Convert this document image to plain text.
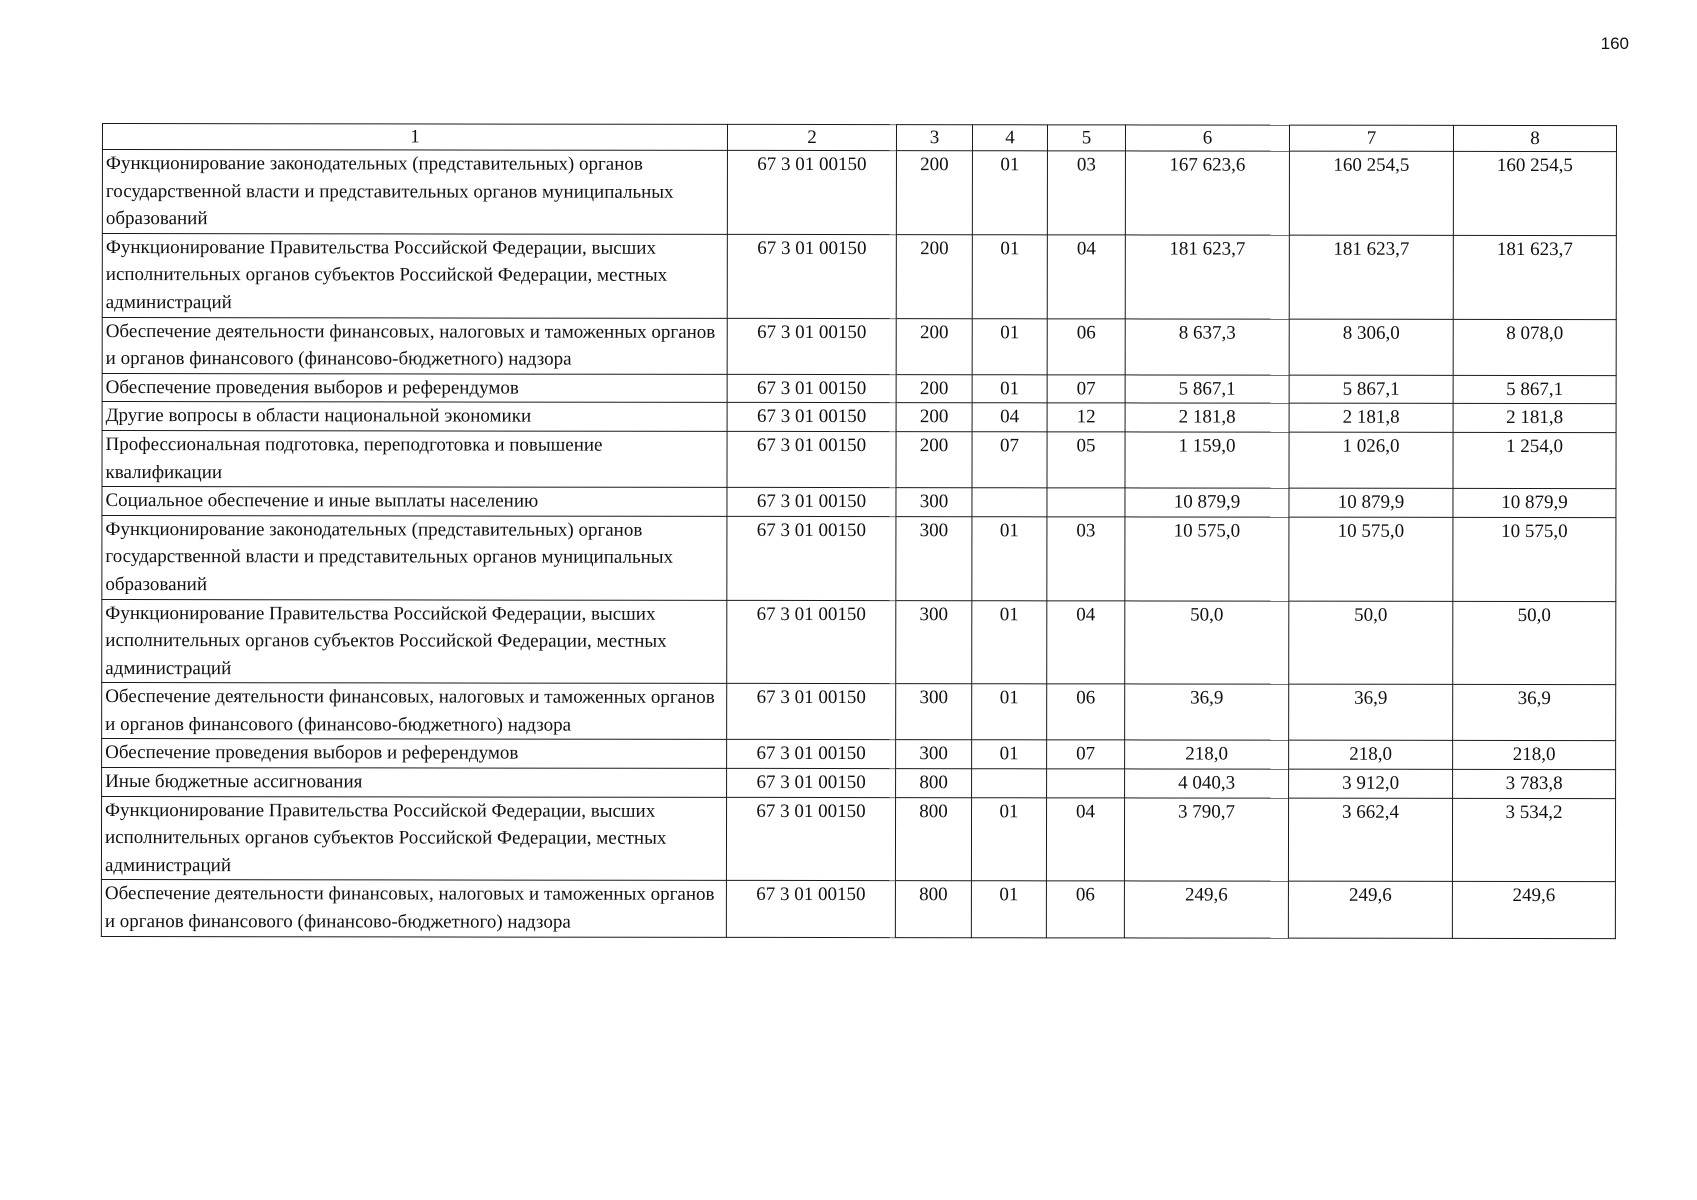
160
1	2	3	4	5	6	7	8
Функционирование законодательных (представительных) органов государственной власти и представительных органов муниципальных образований	67 3 01 00150	200	01	03	167 623,6	160 254,5	160 254,5
Функционирование Правительства Российской Федерации, высших исполнительных органов субъектов Российской Федерации, местных администраций	67 3 01 00150	200	01	04	181 623,7	181 623,7	181 623,7
Обеспечение деятельности финансовых, налоговых и таможенных органов и органов финансового (финансово-бюджетного) надзора	67 3 01 00150	200	01	06	8 637,3	8 306,0	8 078,0
Обеспечение проведения выборов и референдумов	67 3 01 00150	200	01	07	5 867,1	5 867,1	5 867,1
Другие вопросы в области национальной экономики	67 3 01 00150	200	04	12	2 181,8	2 181,8	2 181,8
Профессиональная подготовка, переподготовка и повышение квалификации	67 3 01 00150	200	07	05	1 159,0	1 026,0	1 254,0
Социальное обеспечение и иные выплаты населению	67 3 01 00150	300			10 879,9	10 879,9	10 879,9
Функционирование законодательных (представительных) органов государственной власти и представительных органов муниципальных образований	67 3 01 00150	300	01	03	10 575,0	10 575,0	10 575,0
Функционирование Правительства Российской Федерации, высших исполнительных органов субъектов Российской Федерации, местных администраций	67 3 01 00150	300	01	04	50,0	50,0	50,0
Обеспечение деятельности финансовых, налоговых и таможенных органов и органов финансового (финансово-бюджетного) надзора	67 3 01 00150	300	01	06	36,9	36,9	36,9
Обеспечение проведения выборов и референдумов	67 3 01 00150	300	01	07	218,0	218,0	218,0
Иные бюджетные ассигнования	67 3 01 00150	800			4 040,3	3 912,0	3 783,8
Функционирование Правительства Российской Федерации, высших исполнительных органов субъектов Российской Федерации, местных администраций	67 3 01 00150	800	01	04	3 790,7	3 662,4	3 534,2
Обеспечение деятельности финансовых, налоговых и таможенных органов и органов финансового (финансово-бюджетного) надзора	67 3 01 00150	800	01	06	249,6	249,6	249,6
